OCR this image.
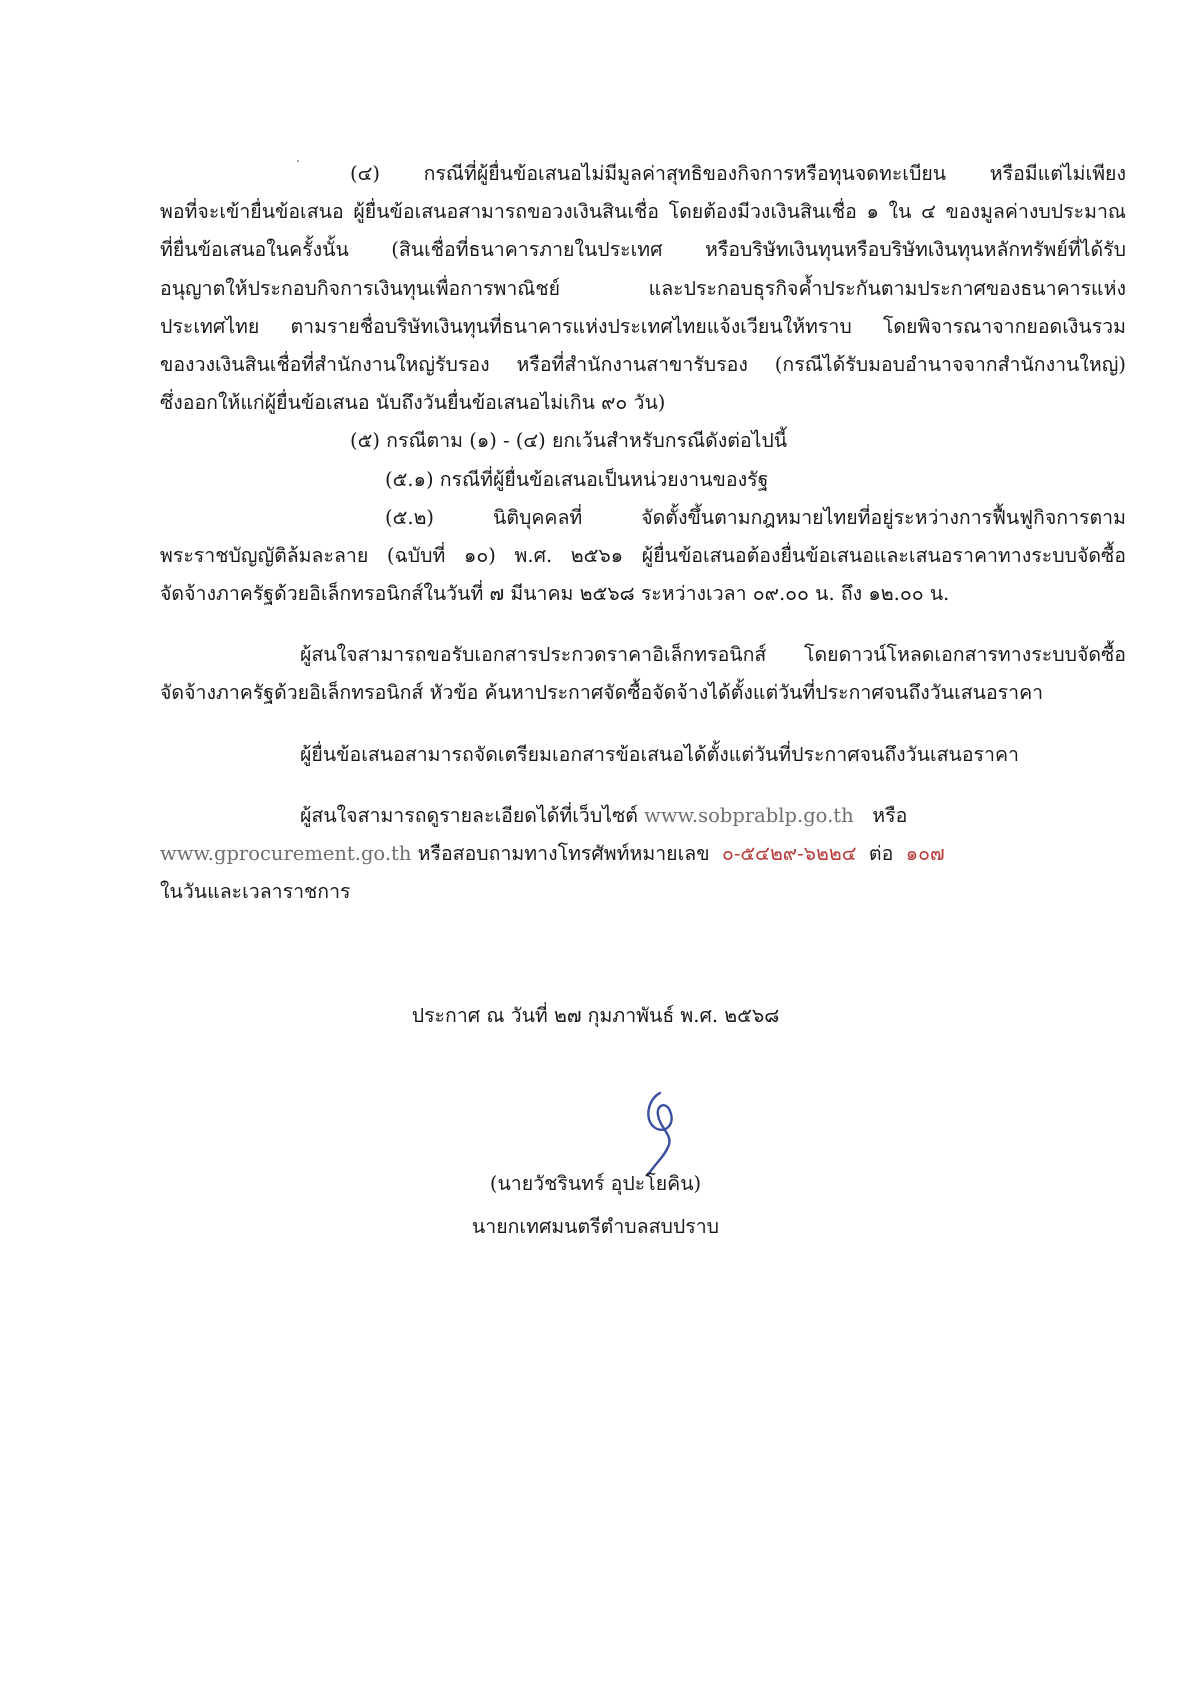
(๔) กรณีที่ผู้ยื่นข้อเสนอไม่มีมูลค่าสุทธิของกิจการหรือทุนจดทะเบียน หรือมีแต่ไม่เพียง
พอที่จะเข้ายื่นข้อเสนอ ผู้ยื่นข้อเสนอสามารถขอวงเงินสินเชื่อ โดยต้องมีวงเงินสินเชื่อ ๑ ใน ๔ ของมูลค่างบประมาณ
ที่ยื่นข้อเสนอในครั้งนั้น (สินเชื่อที่ธนาคารภายในประเทศ หรือบริษัทเงินทุนหรือบริษัทเงินทุนหลักทรัพย์ที่ได้รับ
อนุญาตให้ประกอบกิจการเงินทุนเพื่อการพาณิชย์ และประกอบธุรกิจค้ำประกันตามประกาศของธนาคารแห่ง
ประเทศไทย ตามรายชื่อบริษัทเงินทุนที่ธนาคารแห่งประเทศไทยแจ้งเวียนให้ทราบ โดยพิจารณาจากยอดเงินรวม
ของวงเงินสินเชื่อที่สำนักงานใหญ่รับรอง หรือที่สำนักงานสาขารับรอง (กรณีได้รับมอบอำนาจจากสำนักงานใหญ่)
ซึ่งออกให้แก่ผู้ยื่นข้อเสนอ นับถึงวันยื่นข้อเสนอไม่เกิน ๙๐ วัน)
(๕) กรณีตาม (๑) - (๔) ยกเว้นสำหรับกรณีดังต่อไปนี้
(๕.๑) กรณีที่ผู้ยื่นข้อเสนอเป็นหน่วยงานของรัฐ
(๕.๒) นิติบุคคลที่ จัดตั้งขึ้นตามกฎหมายไทยที่อยู่ระหว่างการฟื้นฟูกิจการตาม
พระราชบัญญัติล้มละลาย (ฉบับที่ ๑๐) พ.ศ. ๒๕๖๑ ผู้ยื่นข้อเสนอต้องยื่นข้อเสนอและเสนอราคาทางระบบจัดซื้อ
จัดจ้างภาครัฐด้วยอิเล็กทรอนิกส์ในวันที่ ๗ มีนาคม ๒๕๖๘ ระหว่างเวลา ๐๙.๐๐ น. ถึง ๑๒.๐๐ น.
ผู้สนใจสามารถขอรับเอกสารประกวดราคาอิเล็กทรอนิกส์ โดยดาวน์โหลดเอกสารทางระบบจัดซื้อ
จัดจ้างภาครัฐด้วยอิเล็กทรอนิกส์ หัวข้อ ค้นหาประกาศจัดซื้อจัดจ้างได้ตั้งแต่วันที่ประกาศจนถึงวันเสนอราคา
ผู้ยื่นข้อเสนอสามารถจัดเตรียมเอกสารข้อเสนอได้ตั้งแต่วันที่ประกาศจนถึงวันเสนอราคา
ผู้สนใจสามารถดูรายละเอียดได้ที่เว็บไซต์ www.sobprablp.go.th หรือ
www.gprocurement.go.th หรือสอบถามทางโทรศัพท์หมายเลข ๐-๕๔๒๙-๖๒๒๔ ต่อ ๑๐๗
ในวันและเวลาราชการ
ประกาศ ณ วันที่ ๒๗ กุมภาพันธ์ พ.ศ. ๒๕๖๘
(นายวัชรินทร์ อุปะโยคิน)
นายกเทศมนตรีตำบลสบปราบ
